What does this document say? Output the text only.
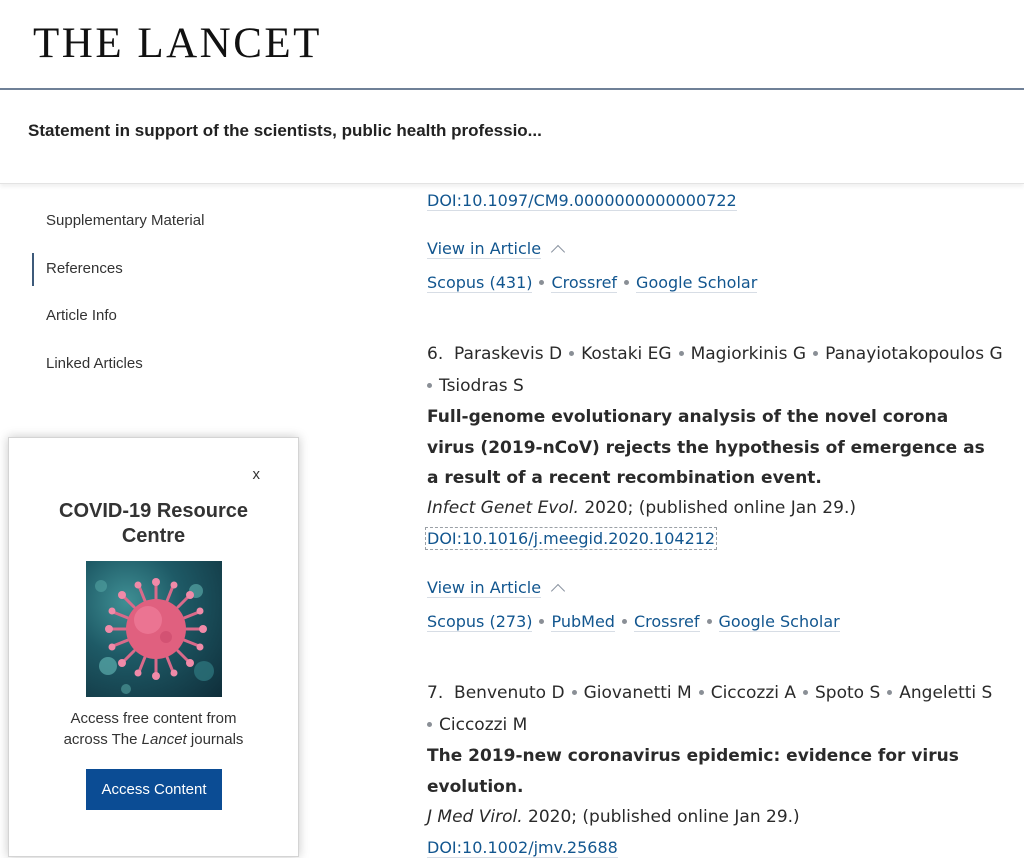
THE LANCET
Statement in support of the scientists, public health professio...
Supplementary Material
References
Article Info
Linked Articles
x
COVID-19 Resource
Centre
Access free content from
across The Lancet journals
Access Content
DOI:10.1097/CM9.0000000000000722
View in Article
Scopus (431) Crossref Google Scholar
6. Paraskevis D Kostaki EG Magiorkinis G Panayiotakopoulos G
Tsiodras S
Full-genome evolutionary analysis of the novel corona virus (2019-nCoV) rejects the hypothesis of emergence as a result of a recent recombination event.
Infect Genet Evol. 2020; (published online Jan 29.)
DOI:10.1016/j.meegid.2020.104212
View in Article
Scopus (273) PubMed Crossref Google Scholar
7. Benvenuto D Giovanetti M Ciccozzi A Spoto S Angeletti S
Ciccozzi M
The 2019-new coronavirus epidemic: evidence for virus evolution.
J Med Virol. 2020; (published online Jan 29.)
DOI:10.1002/jmv.25688
